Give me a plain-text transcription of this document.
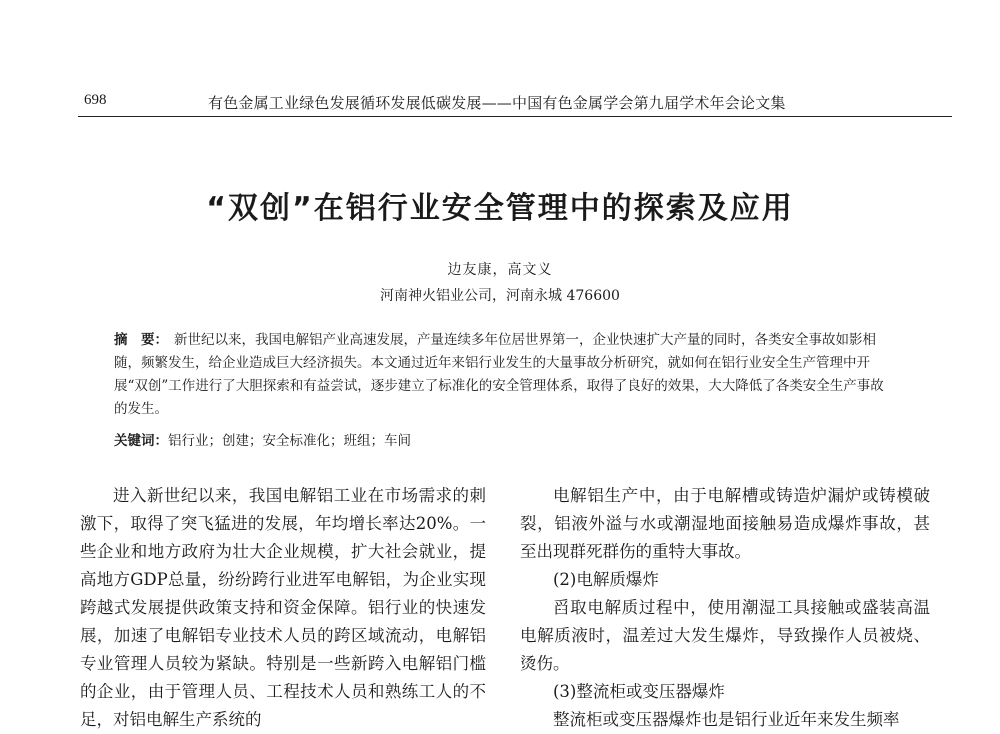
698	有色金属工业绿色发展循环发展低碳发展——中国有色金属学会第九届学术年会论文集
“双创”在铝行业安全管理中的探索及应用
边友康，高文义
河南神火铝业公司，河南永城 476600
摘　要： 新世纪以来，我国电解铝产业高速发展，产量连续多年位居世界第一，企业快速扩大产量的同时，各类安全事故如影相随，频繁发生，给企业造成巨大经济损失。本文通过近年来铝行业发生的大量事故分析研究，就如何在铝行业安全生产管理中开展“双创”工作进行了大胆探索和有益尝试，逐步建立了标准化的安全管理体系，取得了良好的效果，大大降低了各类安全生产事故的发生。
关键词：铝行业；创建；安全标准化；班组；车间

进入新世纪以来，我国电解铝工业在市场需求的刺激下，取得了突飞猛进的发展，年均增长率达20%。一些企业和地方政府为壮大企业规模，扩大社会就业，提高地方GDP总量，纷纷跨行业进军电解铝，为企业实现跨越式发展提供政策支持和资金保障。铝行业的快速发展，加速了电解铝专业技术人员的跨区域流动，电解铝专业管理人员较为紧缺。特别是一些新跨入电解铝门槛的企业，由于管理人员、工程技术人员和熟练工人的不足，对铝电解生产系统的

电解铝生产中，由于电解槽或铸造炉漏炉或铸模破裂，铝液外溢与水或潮湿地面接触易造成爆炸事故，甚至出现群死群伤的重特大事故。

(2)电解质爆炸

舀取电解质过程中，使用潮湿工具接触或盛装高温电解质液时，温差过大发生爆炸，导致操作人员被烧、烫伤。

(3)整流柜或变压器爆炸

整流柜或变压器爆炸也是铝行业近年来发生频率
